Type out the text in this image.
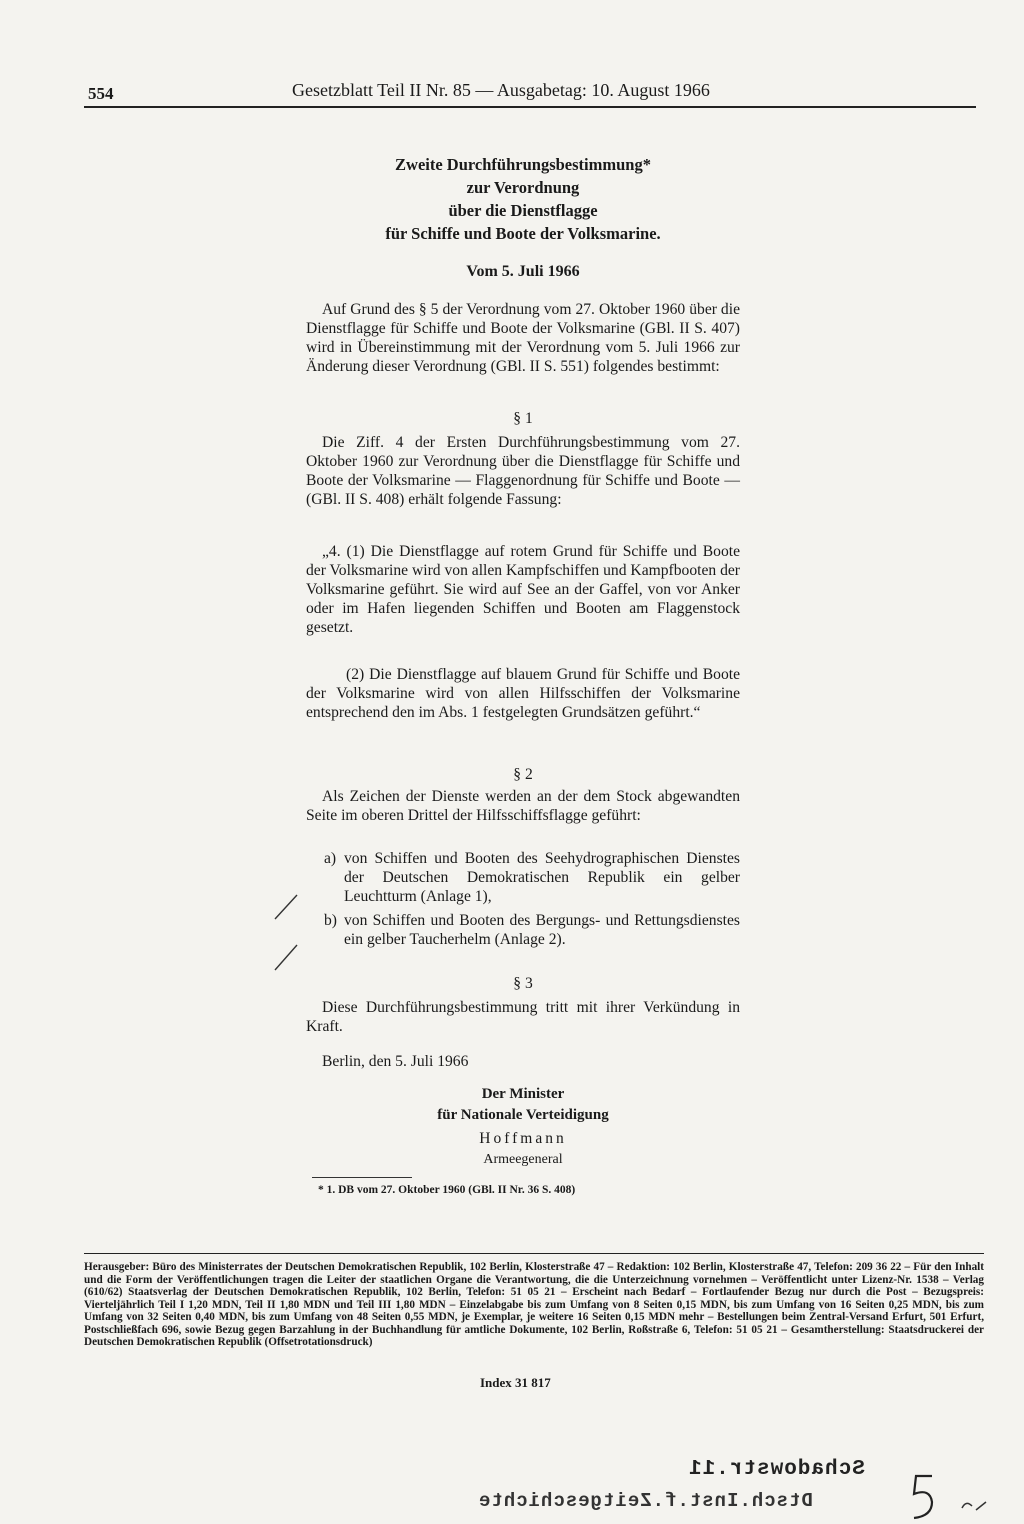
554	Gesetzblatt Teil II Nr. 85 — Ausgabetag: 10. August 1966
Zweite Durchführungsbestimmung*
zur Verordnung
über die Dienstflagge
für Schiffe und Boote der Volksmarine.
Vom 5. Juli 1966

Auf Grund des § 5 der Verordnung vom 27. Oktober 1960 über die Dienstflagge für Schiffe und Boote der Volksmarine (GBl. II S. 407) wird in Übereinstimmung mit der Verordnung vom 5. Juli 1966 zur Änderung dieser Verordnung (GBl. II S. 551) folgendes bestimmt:

§ 1

Die Ziff. 4 der Ersten Durchführungsbestimmung vom 27. Oktober 1960 zur Verordnung über die Dienstflagge für Schiffe und Boote der Volksmarine — Flaggenordnung für Schiffe und Boote — (GBl. II S. 408) erhält folgende Fassung:

„4. (1) Die Dienstflagge auf rotem Grund für Schiffe und Boote der Volksmarine wird von allen Kampfschiffen und Kampfbooten der Volksmarine geführt. Sie wird auf See an der Gaffel, von vor Anker oder im Hafen liegenden Schiffen und Booten am Flaggenstock gesetzt.

(2) Die Dienstflagge auf blauem Grund für Schiffe und Boote der Volksmarine wird von allen Hilfsschiffen der Volksmarine entsprechend den im Abs. 1 festgelegten Grundsätzen geführt.“

§ 2

Als Zeichen der Dienste werden an der dem Stock abgewandten Seite im oberen Drittel der Hilfsschiffsflagge geführt:

a) von Schiffen und Booten des Seehydrographischen Dienstes der Deutschen Demokratischen Republik ein gelber Leuchtturm (Anlage 1),
b) von Schiffen und Booten des Bergungs- und Rettungsdienstes ein gelber Taucherhelm (Anlage 2).
§ 3

Diese Durchführungsbestimmung tritt mit ihrer Verkündung in Kraft.

Berlin, den 5. Juli 1966

Der Minister
für Nationale Verteidigung
Hoffmann
Armeegeneral
* 1. DB vom 27. Oktober 1960 (GBl. II Nr. 36 S. 408)
Herausgeber: Büro des Ministerrates der Deutschen Demokratischen Republik, 102 Berlin, Klosterstraße 47 – Redaktion: 102 Berlin, Klosterstraße 47, Telefon: 209 36 22 – Für den Inhalt und die Form der Veröffentlichungen tragen die Leiter der staatlichen Organe die Verantwortung, die die Unterzeichnung vornehmen – Veröffentlicht unter Lizenz-Nr. 1538 – Verlag (610/62) Staatsverlag der Deutschen Demokratischen Republik, 102 Berlin, Telefon: 51 05 21 – Erscheint nach Bedarf – Fortlaufender Bezug nur durch die Post – Bezugspreis: Vierteljährlich Teil I 1,20 MDN, Teil II 1,80 MDN und Teil III 1,80 MDN – Einzelabgabe bis zum Umfang von 8 Seiten 0,15 MDN, bis zum Umfang von 16 Seiten 0,25 MDN, bis zum Umfang von 32 Seiten 0,40 MDN, bis zum Umfang von 48 Seiten 0,55 MDN, je Exemplar, je weitere 16 Seiten 0,15 MDN mehr – Bestellungen beim Zentral-Versand Erfurt, 501 Erfurt, Postschließfach 696, sowie Bezug gegen Barzahlung in der Buchhandlung für amtliche Dokumente, 102 Berlin, Roßstraße 6, Telefon: 51 05 21 – Gesamtherstellung: Staatsdruckerei der Deutschen Demokratischen Republik (Offsetrotationsdruck)
Index 31 817
Schadowstr.11
Dtsch.Inst.f.Zeitgeschichte
